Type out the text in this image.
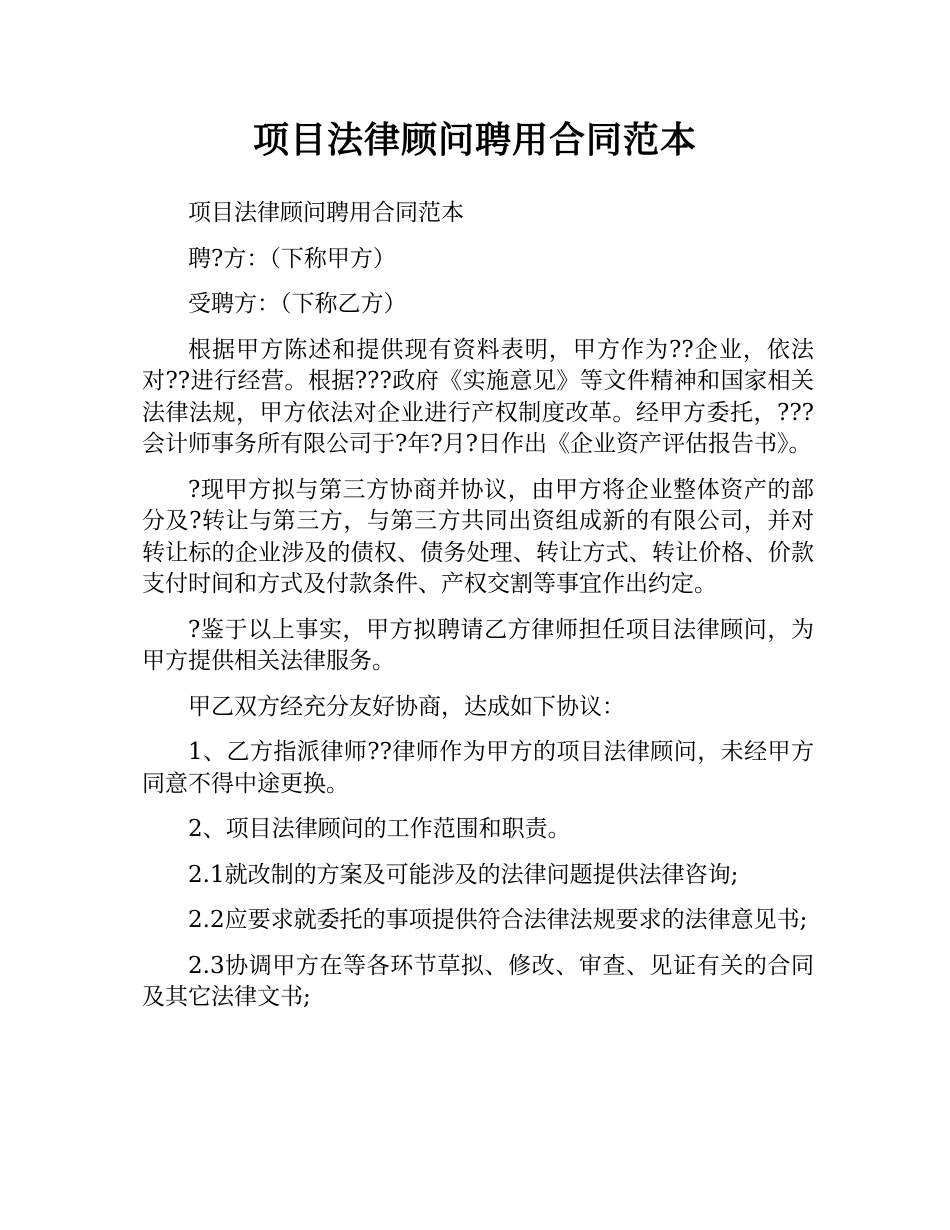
项目法律顾问聘用合同范本

项目法律顾问聘用合同范本

聘?方：（下称甲方）

受聘方：（下称乙方）

根据甲方陈述和提供现有资料表明，甲方作为??企业，依法对??进行经营。根据???政府《实施意见》等文件精神和国家相关法律法规，甲方依法对企业进行产权制度改革。经甲方委托，???会计师事务所有限公司于?年?月?日作出《企业资产评估报告书》。

?现甲方拟与第三方协商并协议，由甲方将企业整体资产的部分及?转让与第三方，与第三方共同出资组成新的有限公司，并对转让标的企业涉及的债权、债务处理、转让方式、转让价格、价款支付时间和方式及付款条件、产权交割等事宜作出约定。

?鉴于以上事实，甲方拟聘请乙方律师担任项目法律顾问，为甲方提供相关法律服务。

甲乙双方经充分友好协商，达成如下协议：

1、乙方指派律师??律师作为甲方的项目法律顾问，未经甲方同意不得中途更换。

2、项目法律顾问的工作范围和职责。

2.1就改制的方案及可能涉及的法律问题提供法律咨询;

2.2应要求就委托的事项提供符合法律法规要求的法律意见书;

2.3协调甲方在等各环节草拟、修改、审查、见证有关的合同及其它法律文书;
